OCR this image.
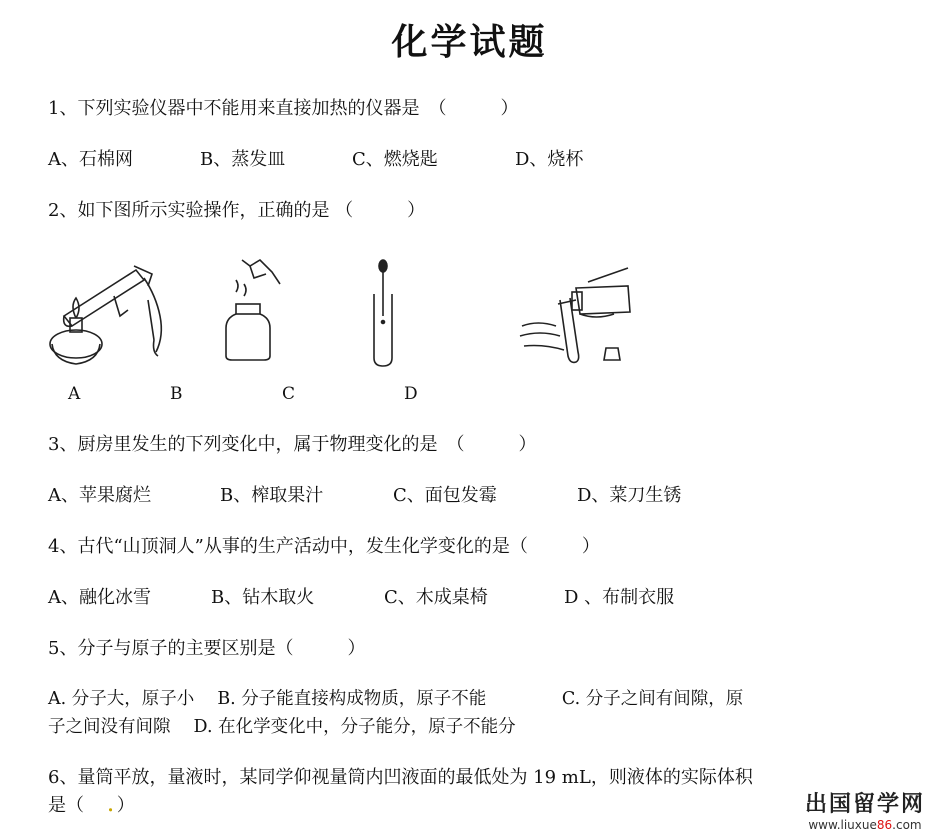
化学试题
1、下列实验仪器中不能用来直接加热的仪器是　（　　　）
A、石棉网	B、蒸发皿	C、燃烧匙	D、烧杯
2、如下图所示实验操作，正确的是 （　　　）
A	B	C	D
3、厨房里发生的下列变化中，属于物理变化的是　（　　　）
A、苹果腐烂	B、榨取果汁	C、面包发霉	D、菜刀生锈
4、古代“山顶洞人”从事的生产活动中，发生化学变化的是（　　　）
A、融化冰雪	B、钻木取火	C、木成桌椅	D 、布制衣服
5、分子与原子的主要区别是（　　　）
A. 分子大，原子小　 B. 分子能直接构成物质，原子不能　　　　 C. 分子之间有间隙，原
子之间没有间隙　 D. 在化学变化中，分子能分，原子不能分
6、量筒平放，量液时，某同学仰视量筒内凹液面的最低处为 19 mL，则液体的实际体积
是（　 ．）	出国留学网
www.liuxue86.com
